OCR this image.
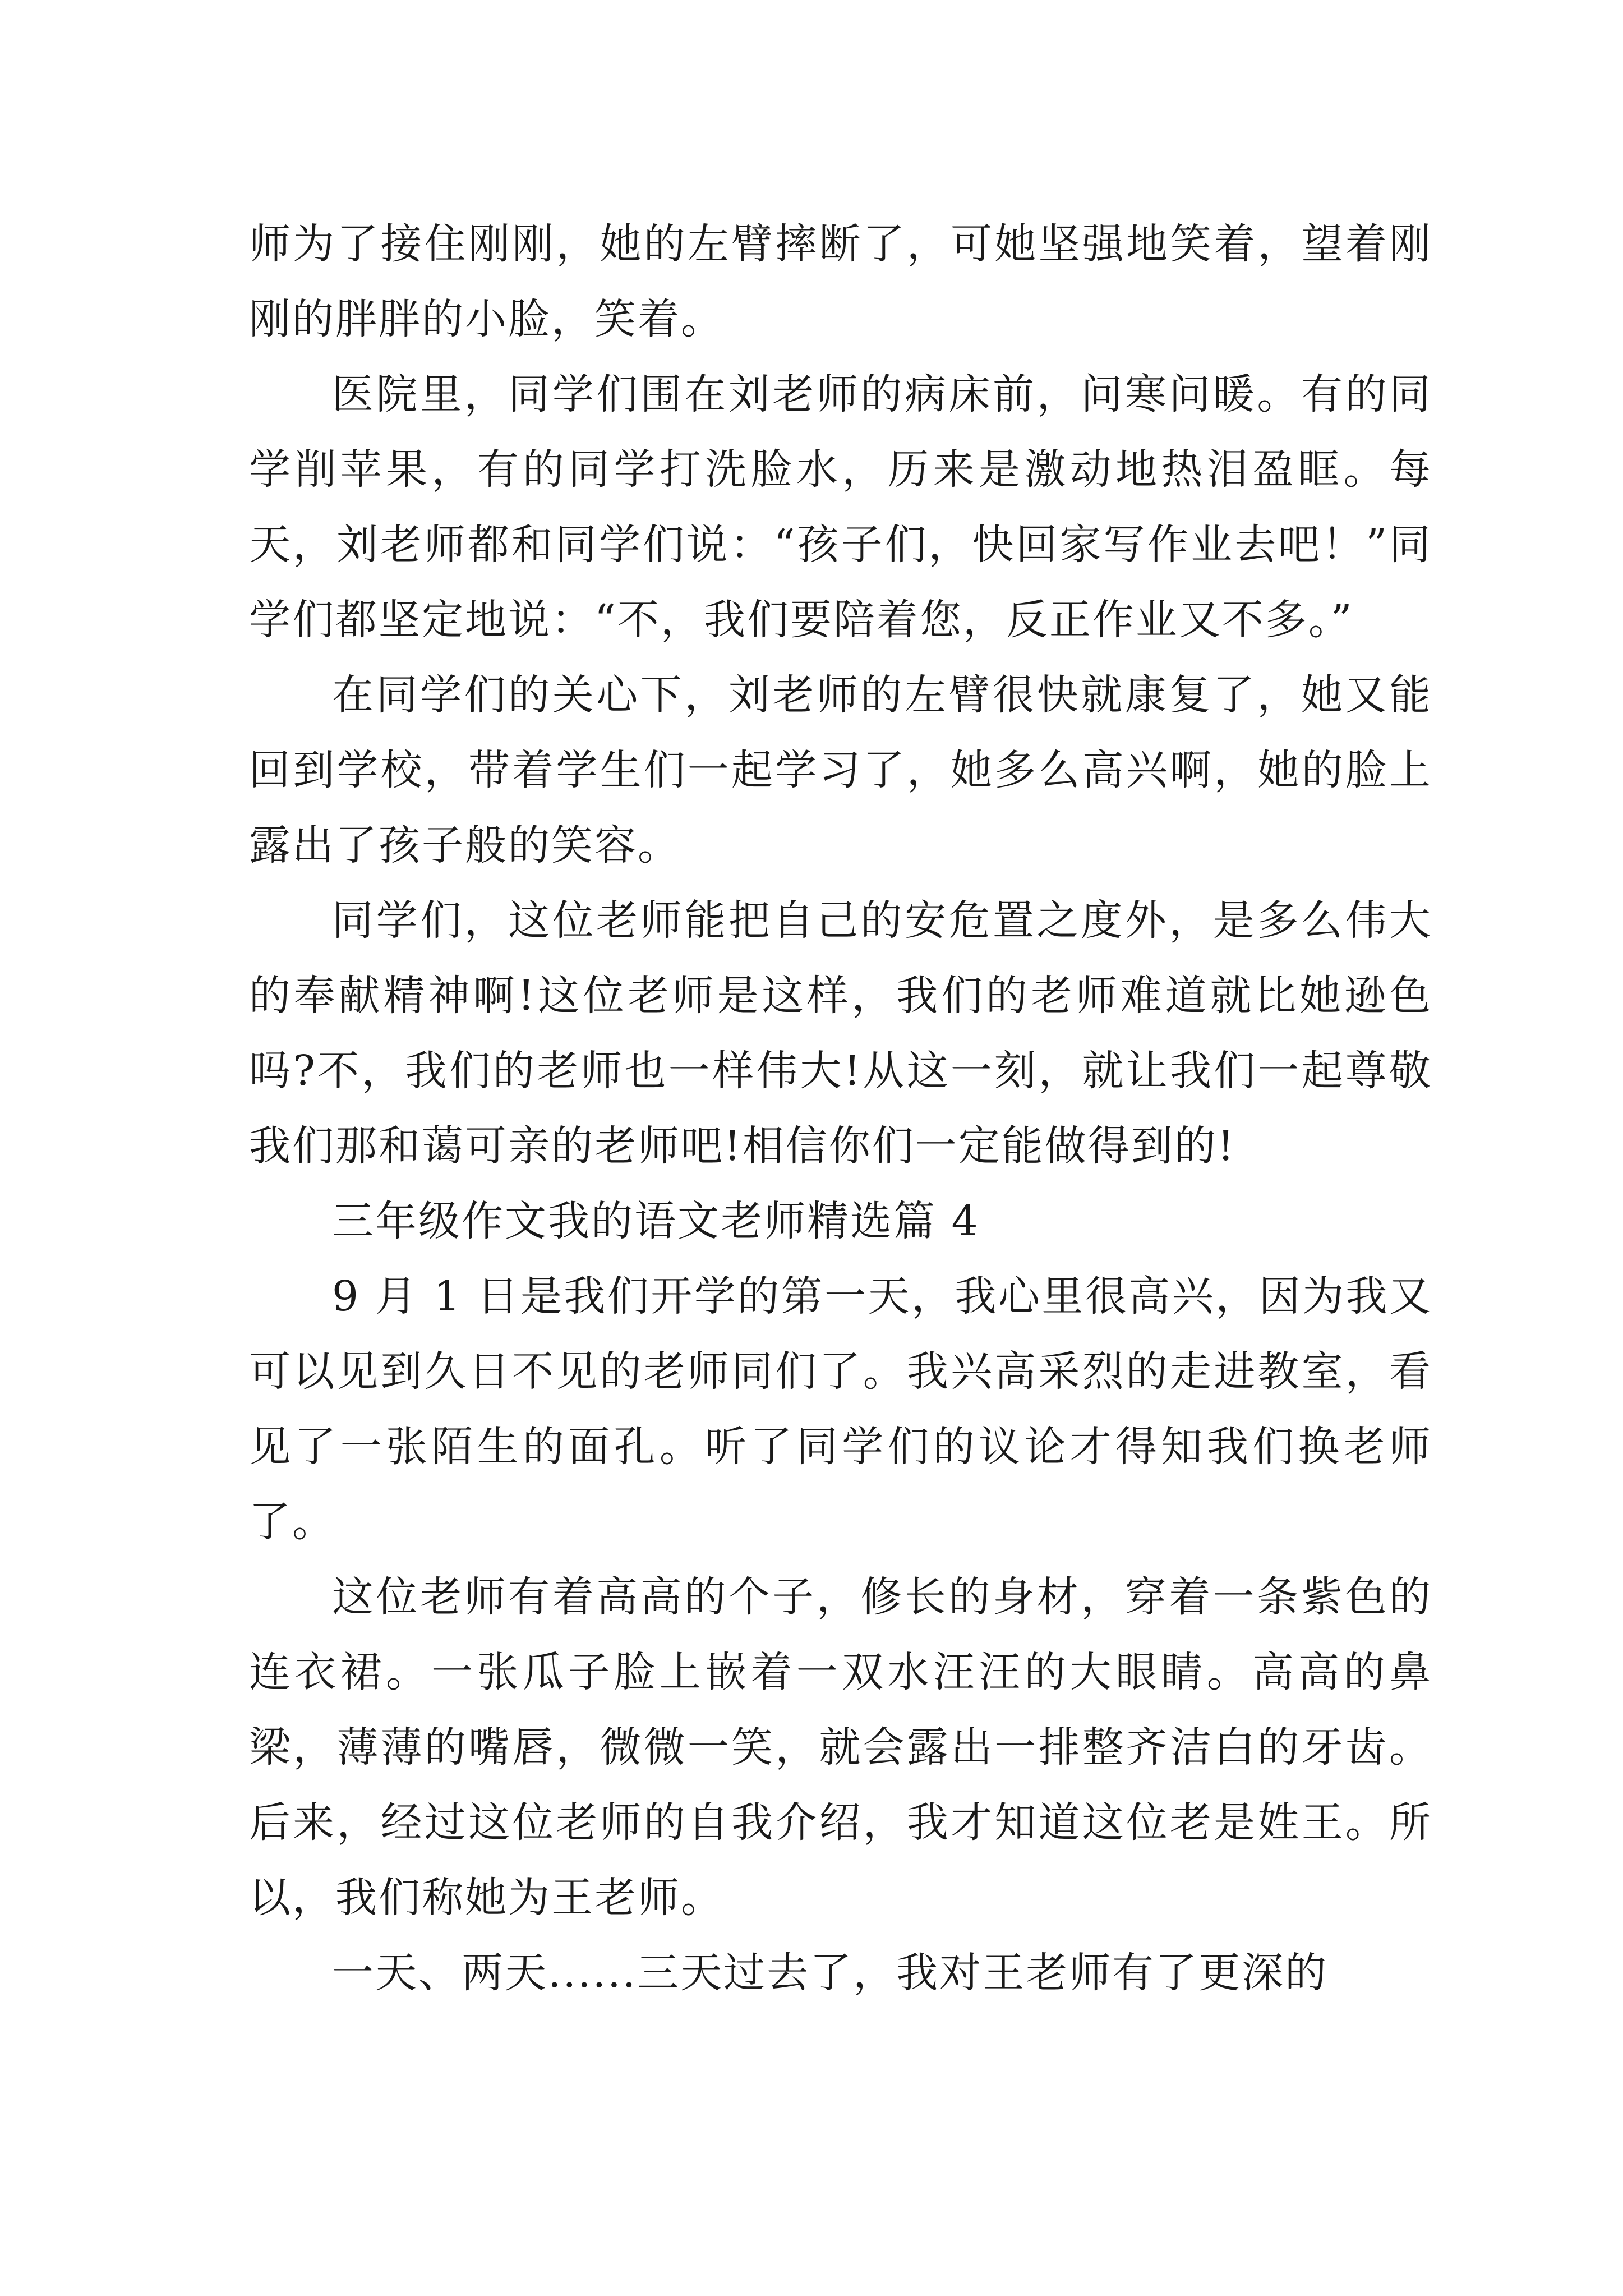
师为了接住刚刚，她的左臂摔断了，可她坚强地笑着，望着刚刚的胖胖的小脸，笑着。

医院里，同学们围在刘老师的病床前，问寒问暖。有的同学削苹果，有的同学打洗脸水，历来是激动地热泪盈眶。每天，刘老师都和同学们说：“孩子们，快回家写作业去吧！”同学们都坚定地说：“不，我们要陪着您，反正作业又不多。”

在同学们的关心下，刘老师的左臂很快就康复了，她又能回到学校，带着学生们一起学习了，她多么高兴啊，她的脸上露出了孩子般的笑容。

同学们，这位老师能把自己的安危置之度外，是多么伟大的奉献精神啊!这位老师是这样，我们的老师难道就比她逊色吗?不，我们的老师也一样伟大!从这一刻，就让我们一起尊敬我们那和蔼可亲的老师吧!相信你们一定能做得到的!

三年级作文我的语文老师精选篇 4

9 月 1 日是我们开学的第一天，我心里很高兴，因为我又可以见到久日不见的老师同们了。我兴高采烈的走进教室，看见了一张陌生的面孔。听了同学们的议论才得知我们换老师了。

这位老师有着高高的个子，修长的身材，穿着一条紫色的连衣裙。一张瓜子脸上嵌着一双水汪汪的大眼睛。高高的鼻梁，薄薄的嘴唇，微微一笑，就会露出一排整齐洁白的牙齿。后来，经过这位老师的自我介绍，我才知道这位老是姓王。所以，我们称她为王老师。

一天、两天......三天过去了，我对王老师有了更深的
